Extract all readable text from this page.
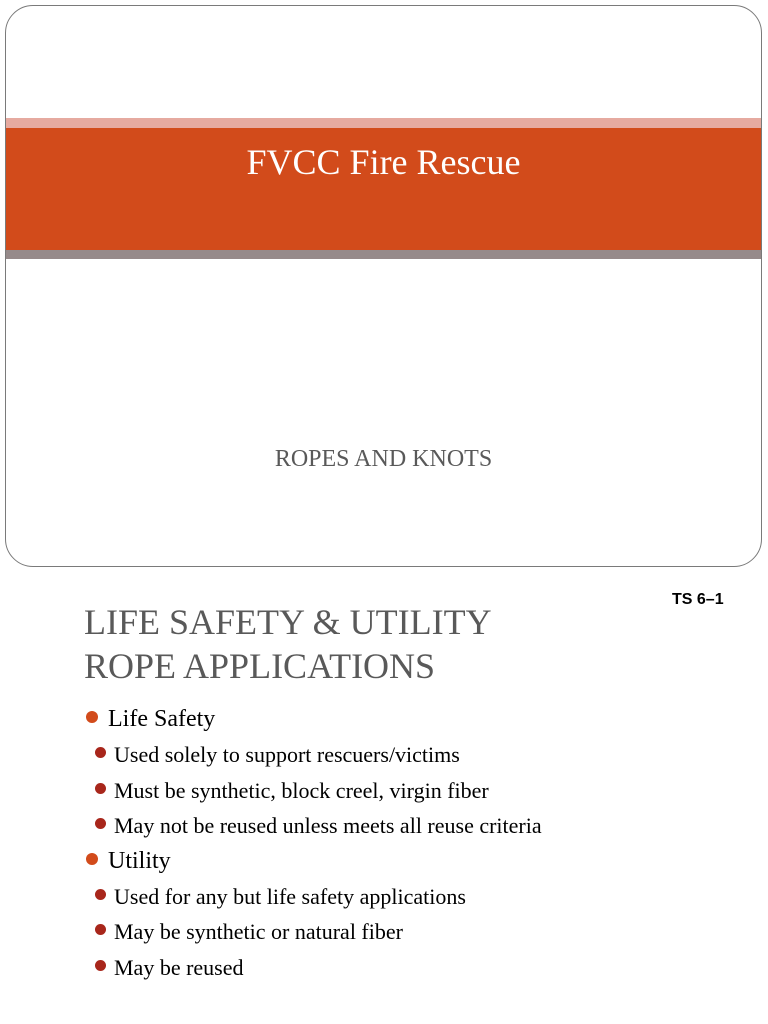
FVCC Fire Rescue
ROPES AND KNOTS
TS 6–1
LIFE SAFETY & UTILITY
ROPE APPLICATIONS
Life Safety
Used solely to support rescuers/victims
Must be synthetic, block creel, virgin fiber
May not be reused unless meets all reuse criteria
Utility
Used for any but life safety applications
May be synthetic or natural fiber
May be reused
